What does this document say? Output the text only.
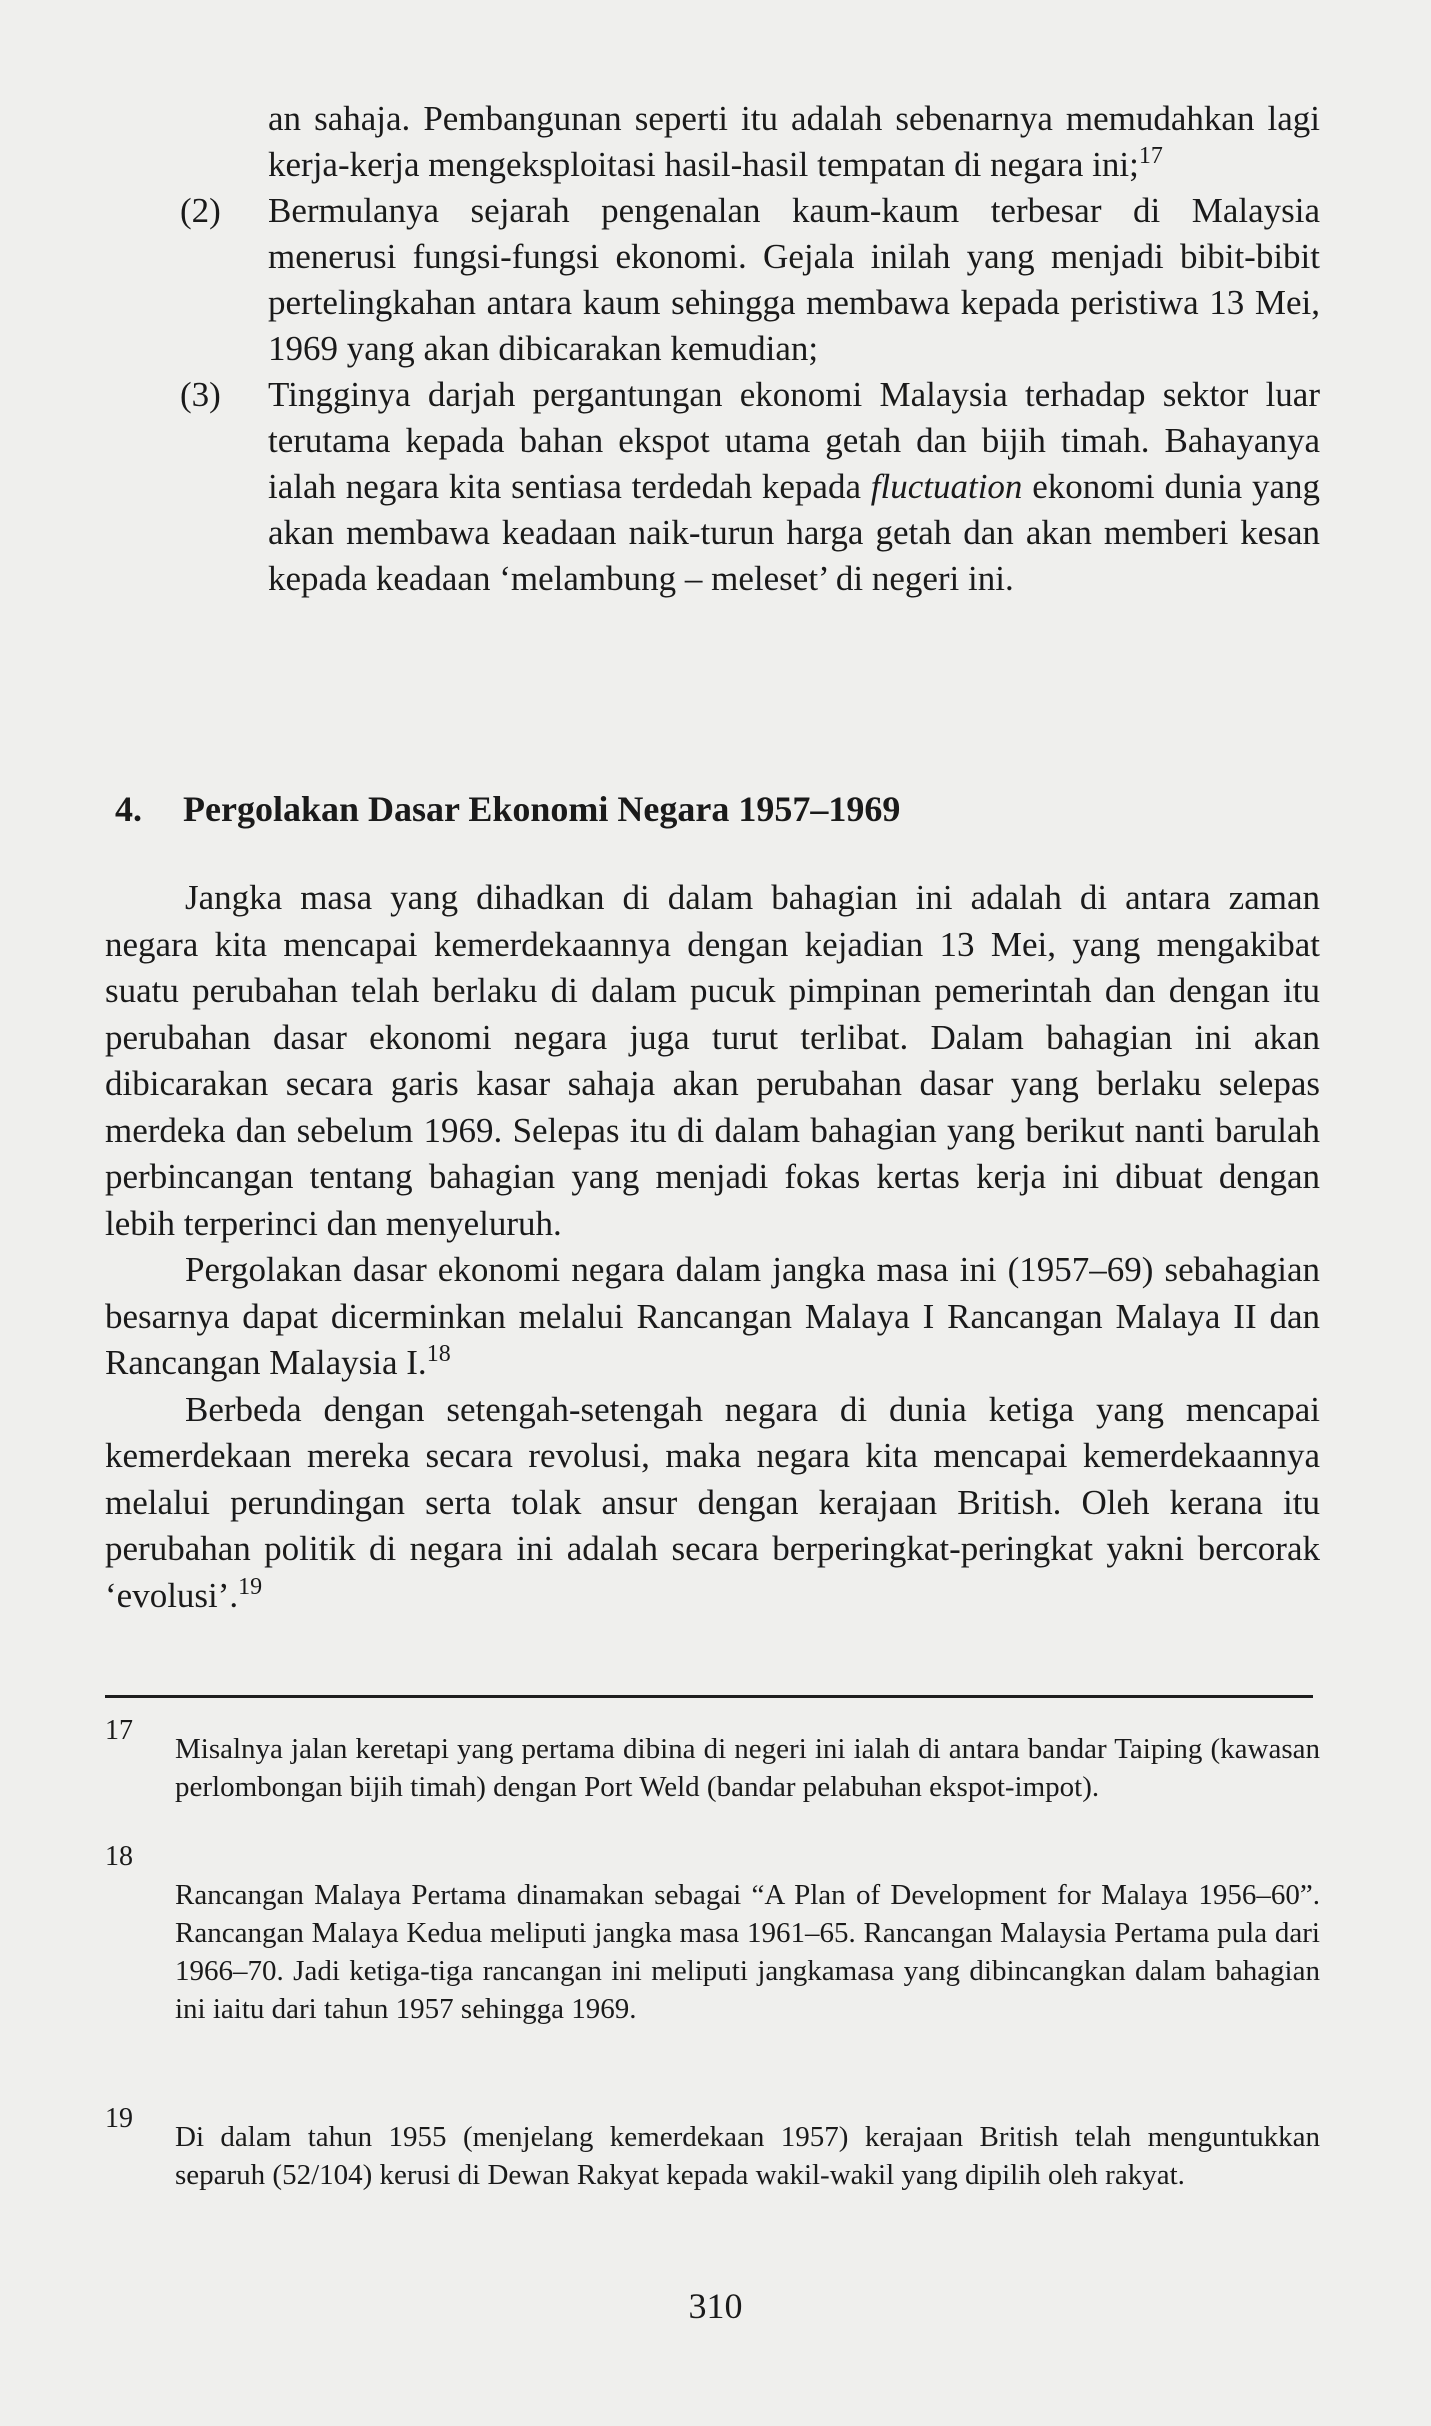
an sahaja. Pembangunan seperti itu adalah sebenarnya memudahkan lagi kerja-kerja mengeksploitasi hasil-hasil tempatan di negara ini;$^{17}$

(2) Bermulanya sejarah pengenalan kaum-kaum terbesar di Malaysia menerusi fungsi-fungsi ekonomi. Gejala inilah yang menjadi bibit-bibit pertelingkahan antara kaum sehingga membawa kepada peristiwa 13 Mei, 1969 yang akan dibicarakan kemudian;

(3) Tingginya darjah pergantungan ekonomi Malaysia terhadap sektor luar terutama kepada bahan ekspot utama getah dan bijih timah. Bahayanya ialah negara kita sentiasa terdedah kepada fluctuation ekonomi dunia yang akan membawa keadaan naik-turun harga getah dan akan memberi kesan kepada keadaan ‘melambung – meleset’ di negeri ini.

4. Pergolakan Dasar Ekonomi Negara 1957–1969

Jangka masa yang dihadkan di dalam bahagian ini adalah di antara zaman negara kita mencapai kemerdekaannya dengan kejadian 13 Mei, yang mengakibat suatu perubahan telah berlaku di dalam pucuk pimpinan pemerintah dan dengan itu perubahan dasar ekonomi negara juga turut terlibat. Dalam bahagian ini akan dibicarakan secara garis kasar sahaja akan perubahan dasar yang berlaku selepas merdeka dan sebelum 1969. Selepas itu di dalam bahagian yang berikut nanti barulah perbincangan tentang bahagian yang menjadi fokas kertas kerja ini dibuat dengan lebih terperinci dan menyeluruh.

Pergolakan dasar ekonomi negara dalam jangka masa ini (1957–69) sebahagian besarnya dapat dicerminkan melalui Rancangan Malaya I Rancangan Malaya II dan Rancangan Malaysia I.$^{18}$

Berbeda dengan setengah-setengah negara di dunia ketiga yang mencapai kemerdekaan mereka secara revolusi, maka negara kita mencapai kemerdekaannya melalui perundingan serta tolak ansur dengan kerajaan British. Oleh kerana itu perubahan politik di negara ini adalah secara berperingkat-peringkat yakni bercorak ‘evolusi’.$^{19}$

17
Misalnya jalan keretapi yang pertama dibina di negeri ini ialah di antara bandar Taiping (kawasan perlombongan bijih timah) dengan Port Weld (bandar pelabuhan ekspot-impot).
18
Rancangan Malaya Pertama dinamakan sebagai “A Plan of Development for Malaya 1956–60”. Rancangan Malaya Kedua meliputi jangka masa 1961–65. Rancangan Malaysia Pertama pula dari 1966–70. Jadi ketiga-tiga rancangan ini meliputi jangkamasa yang dibincangkan dalam bahagian ini iaitu dari tahun 1957 sehingga 1969.
19
Di dalam tahun 1955 (menjelang kemerdekaan 1957) kerajaan British telah menguntukkan separuh (52/104) kerusi di Dewan Rakyat kepada wakil-wakil yang dipilih oleh rakyat.
310
